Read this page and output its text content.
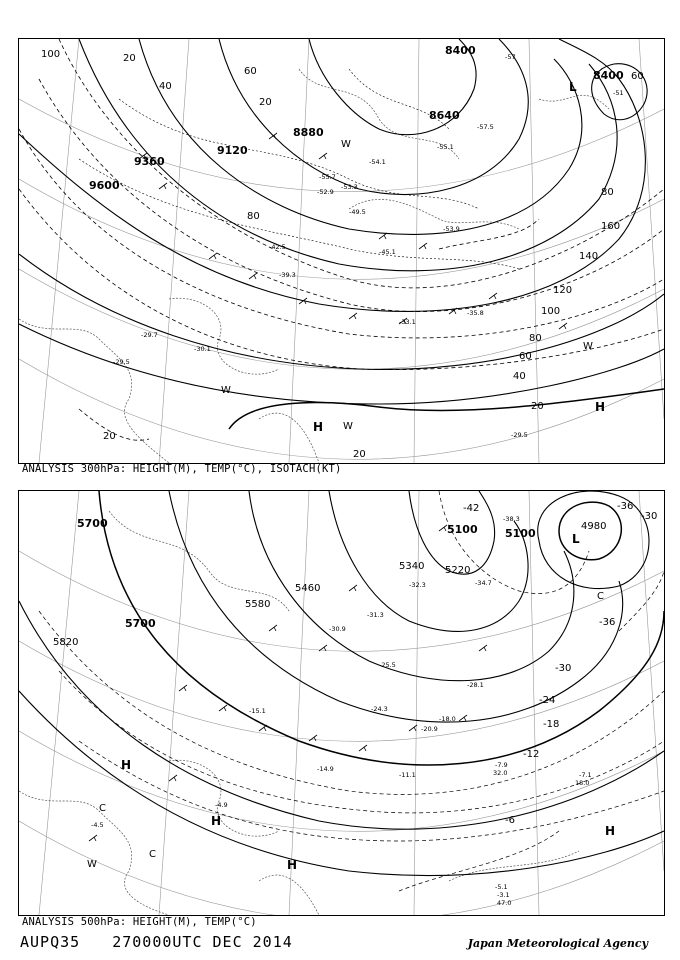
9600
9360
9120
8880
8640
8400
8400
100	20
40
60
80
20
40
60
80
100
120
140
160
80
60
20
20
20
-55.7
-52.9
-54.1
-53.3
-49.5
-45.1
-42.5
-39.3
-35.8
-33.1
-30.1
-29.7
-29.5
-29.5
-53.9
-55.1
-57.5
-57
-51
H
H
W
W
W
W
L
ANALYSIS 300hPa: HEIGHT(M), TEMP(°C), ISOTACH(KT)
5700
5700
5820
5580
5460
5340 5220
5100 5100
4980
-42
-36
-30
-24
-18
-12
-36
-30
-6
-38.3
-34.7
-32.3
-31.3
-30.9
-28.1
-25.5
-24.3
-20.9
-18.0
-15.1
-14.9
-11.1
-7.9
-7.1
-5.1
-4.9
-4.5
-3.1
32.0
47.0
18.0
H
H
H
H
C
C
C
W
L
ANALYSIS 500hPa: HEIGHT(M), TEMP(°C)
AUPQ35 270000UTC DEC 2014	Japan Meteorological Agency
